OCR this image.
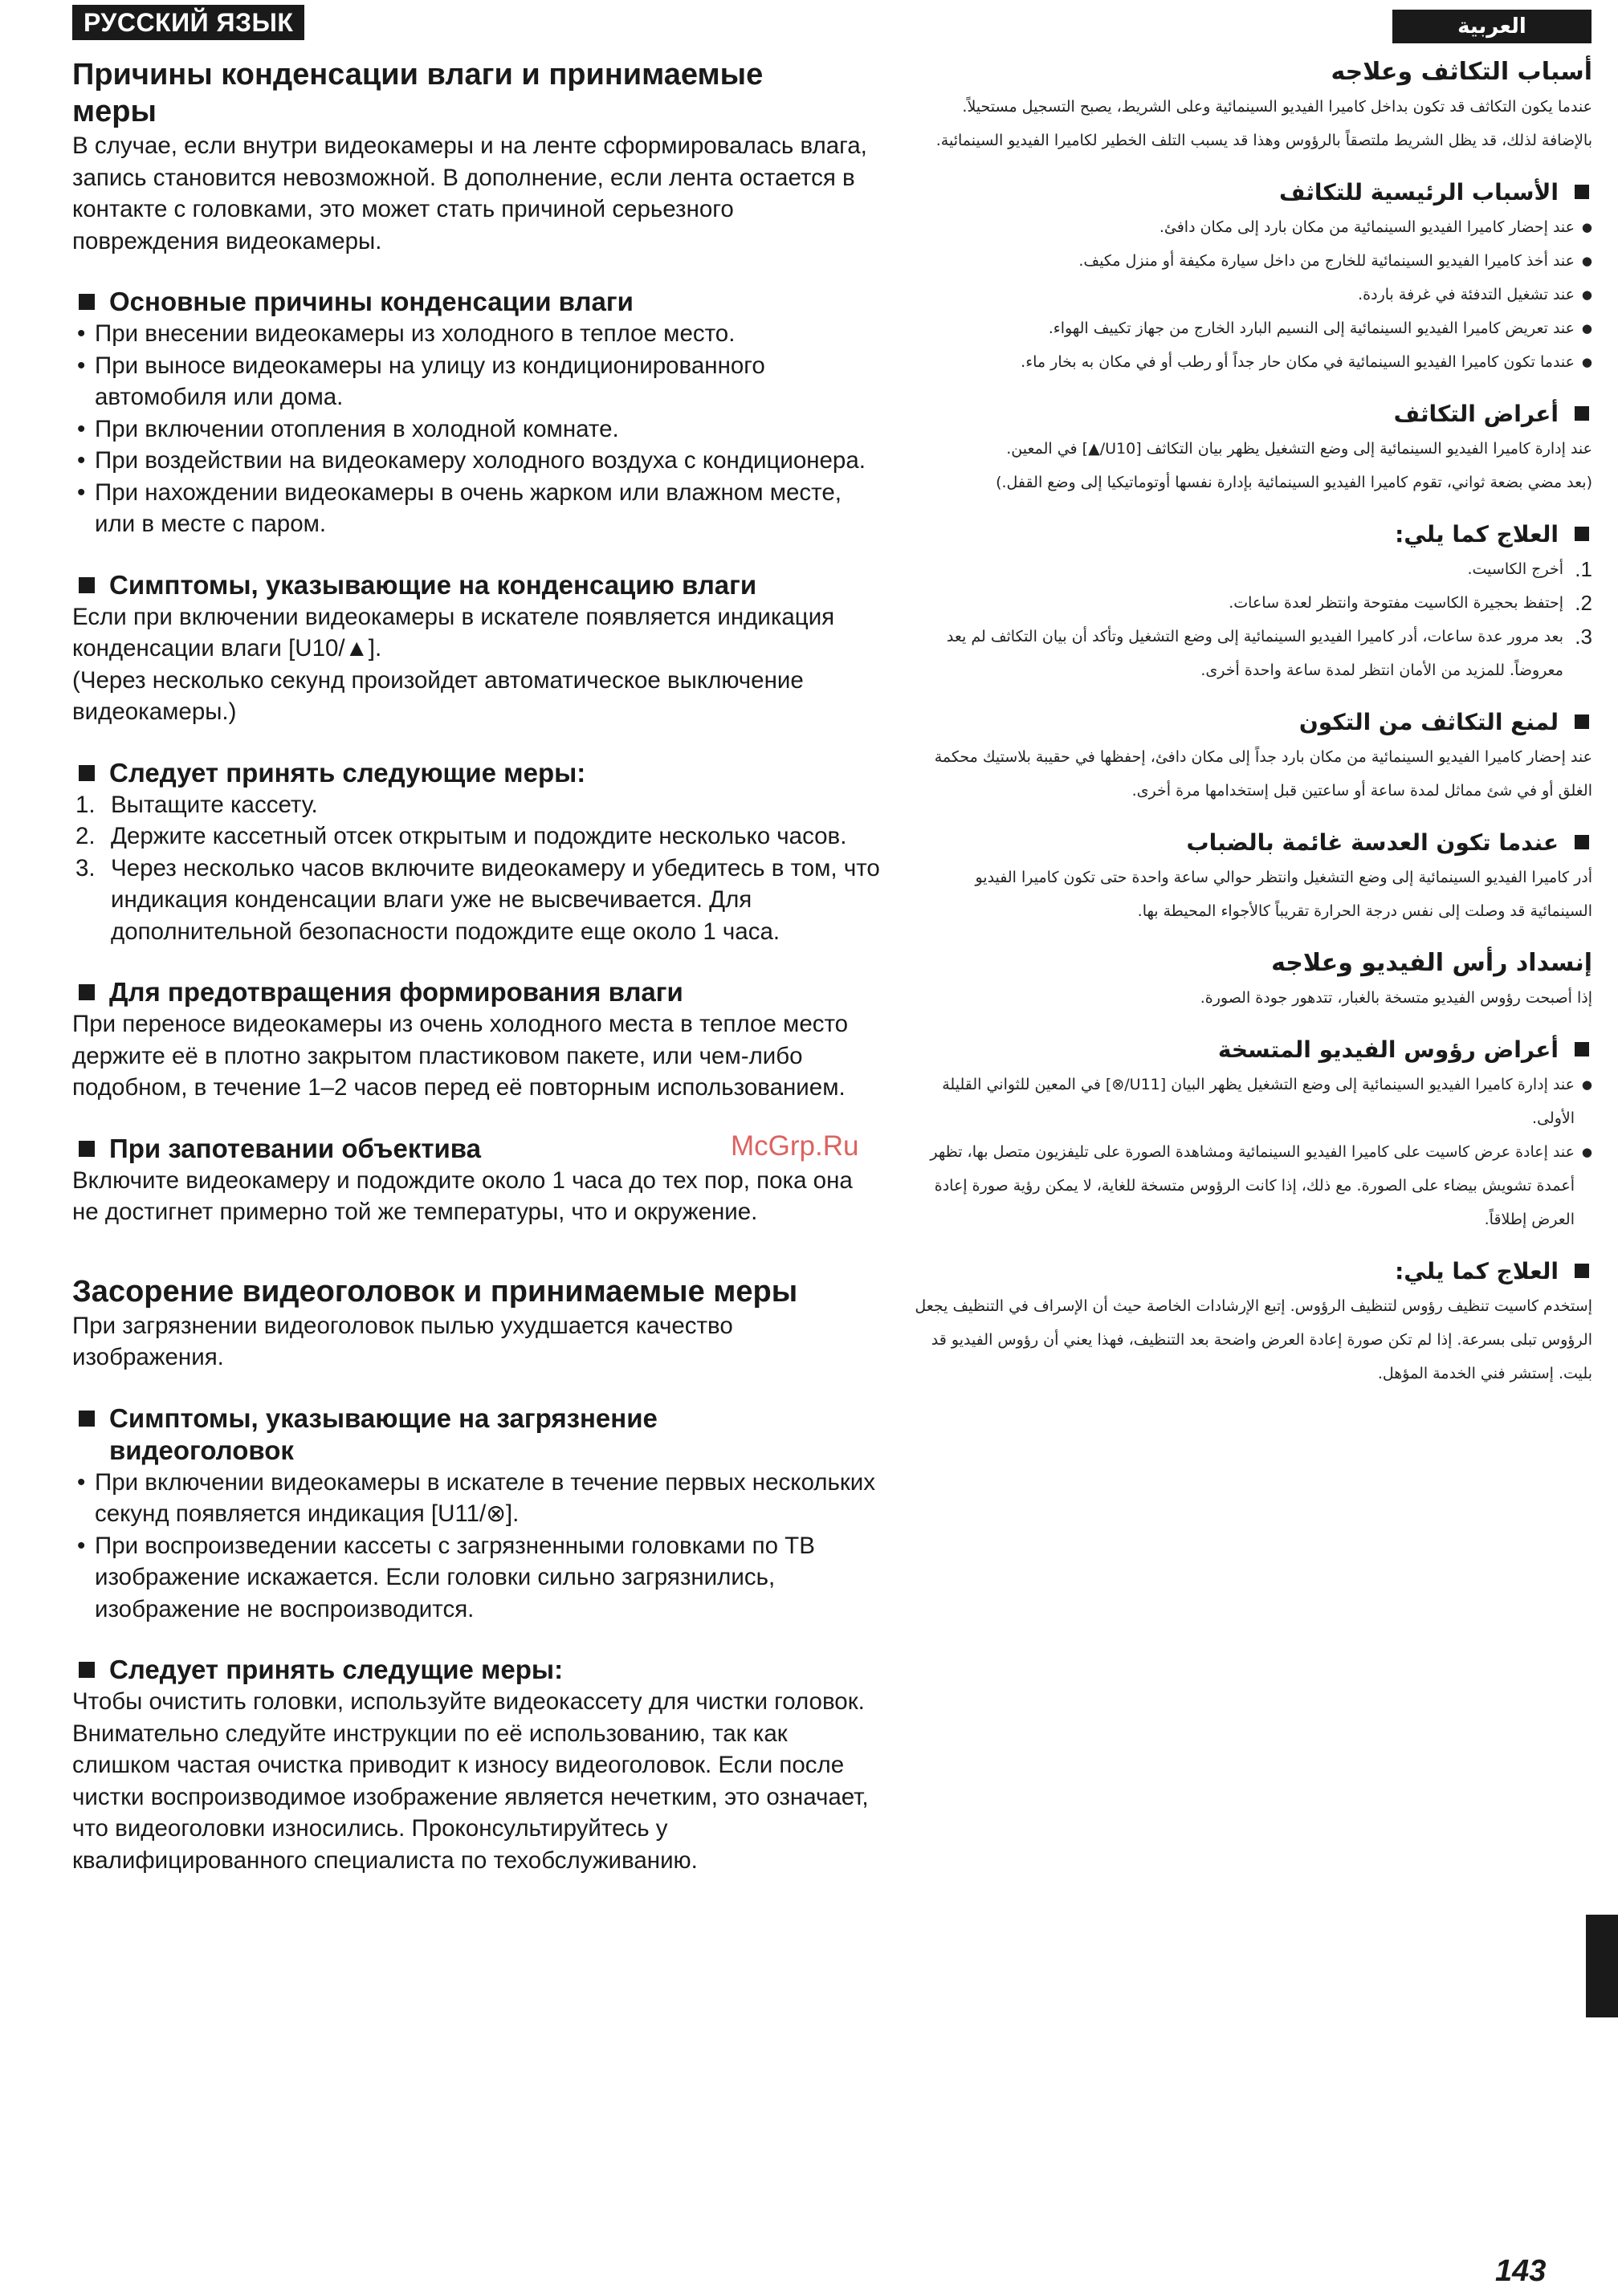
РУССКИЙ ЯЗЫК
Причины конденсации влаги и принимаемые меры
В случае, если внутри видеокамеры и на ленте сформировалась влага, запись становится невозможной. В дополнение, если лента остается в контакте с головками, это может стать причиной серьезного повреждения видеокамеры.
Основные причины конденсации влаги
• При внесении видеокамеры из холодного в теплое место.
• При выносе видеокамеры на улицу из кондиционированного автомобиля или дома.
• При включении отопления в холодной комнате.
• При воздействии на видеокамеру холодного воздуха с кондиционера.
• При нахождении видеокамеры в очень жарком или влажном месте, или в месте с паром.
Симптомы, указывающие на конденсацию влаги
Если при включении видеокамеры в искателе появляется индикация конденсации влаги [U10/▲].
(Через несколько секунд произойдет автоматическое выключение видеокамеры.)
Следует принять следующие меры:
1. Вытащите кассету.
2. Держите кассетный отсек открытым и подождите несколько часов.
3. Через несколько часов включите видеокамеру и убедитесь в том, что индикация конденсации влаги уже не высвечивается. Для дополнительной безопасности подождите еще около 1 часа.
Для предотвращения формирования влаги
При переносе видеокамеры из очень холодного места в теплое место держите её в плотно закрытом пластиковом пакете, или чем-либо подобном, в течение 1–2 часов перед её повторным использованием.
При запотевании объектива
Включите видеокамеру и подождите около 1 часа до тех пор, пока она не достигнет примерно той же температуры, что и окружение.
Засорение видеоголовок и принимаемые меры
При загрязнении видеоголовок пылью ухудшается качество изображения.
Симптомы, указывающие на загрязнение видеоголовок
• При включении видеокамеры в искателе в течение первых нескольких секунд появляется индикация [U11/⊗].
• При воспроизведении кассеты с загрязненными головками по ТВ изображение искажается. Если головки сильно загрязнились, изображение не воспроизводится.
Следует принять следущие меры:
Чтобы очистить головки, используйте видеокассету для чистки головок. Внимательно следуйте инструкции по её использованию, так как слишком частая очистка приводит к износу видеоголовок. Если после чистки воспроизводимое изображение является нечетким, это означает, что видеоголовки износились. Проконсультируйтесь у квалифицированного специалиста по техобслуживанию.
العربية
أسباب التكاثف وعلاجه
عندما يكون التكاثف قد تكون بداخل كاميرا الفيديو السينمائية وعلى الشريط، يصبح التسجيل مستحيلاً. بالإضافة لذلك، قد يظل الشريط ملتصقاً بالرؤوس وهذا قد يسبب التلف الخطير لكاميرا الفيديو السينمائية.
الأسباب الرئيسية للتكاثف
● عند إحضار كاميرا الفيديو السينمائية من مكان بارد إلى مكان دافئ.
● عند أخذ كاميرا الفيديو السينمائية للخارج من داخل سيارة مكيفة أو منزل مكيف.
● عند تشغيل التدفئة في غرفة باردة.
● عند تعريض كاميرا الفيديو السينمائية إلى النسيم البارد الخارج من جهاز تكييف الهواء.
● عندما تكون كاميرا الفيديو السينمائية في مكان حار جداً أو رطب أو في مكان به بخار ماء.
أعراض التكاثف
عند إدارة كاميرا الفيديو السينمائية إلى وضع التشغيل يظهر بيان التكاثف [U10/▲] في المعين.
(بعد مضي بضعة ثواني، تقوم كاميرا الفيديو السينمائية بإدارة نفسها أوتوماتيكيا إلى وضع القفل.)
العلاج كما يلي:
1.
أخرج الكاسيت.
2.
إحتفظ بحجيرة الكاسيت مفتوحة وانتظر لعدة ساعات.
3.
بعد مرور عدة ساعات، أدر كاميرا الفيديو السينمائية إلى وضع التشغيل وتأكد أن بيان التكاثف لم يعد معروضاً. للمزيد من الأمان انتظر لمدة ساعة واحدة أخرى.
لمنع التكاثف من التكون
عند إحضار كاميرا الفيديو السينمائية من مكان بارد جداً إلى مكان دافئ، إحفظها في حقيبة بلاستيك محكمة الغلق أو في شئ مماثل لمدة ساعة أو ساعتين قبل إستخدامها مرة أخرى.
عندما تكون العدسة غائمة بالضباب
أدر كاميرا الفيديو السينمائية إلى وضع التشغيل وانتظر حوالي ساعة واحدة حتى تكون كاميرا الفيديو السينمائية قد وصلت إلى نفس درجة الحرارة تقريباً كالأجواء المحيطة بها.
إنسداد رأس الفيديو وعلاجه
إذا أصبحت رؤوس الفيديو متسخة بالغبار، تتدهور جودة الصورة.
أعراض رؤوس الفيديو المتسخة
● عند إدارة كاميرا الفيديو السينمائية إلى وضع التشغيل يظهر البيان [U11/⊗] في المعين للثواني القليلة الأولى.
● عند إعادة عرض كاسيت على كاميرا الفيديو السينمائية ومشاهدة الصورة على تليفزيون متصل بها، تظهر أعمدة تشويش بيضاء على الصورة. مع ذلك، إذا كانت الرؤوس متسخة للغاية، لا يمكن رؤية صورة إعادة العرض إطلاقاً.
العلاج كما يلي:
إستخدم كاسيت تنظيف رؤوس لتنظيف الرؤوس. إتبع الإرشادات الخاصة حيث أن الإسراف في التنظيف يجعل الرؤوس تبلى بسرعة. إذا لم تكن صورة إعادة العرض واضحة بعد التنظيف، فهذا يعني أن رؤوس الفيديو قد بليت. إستشر فني الخدمة المؤهل.
McGrp.Ru
143
